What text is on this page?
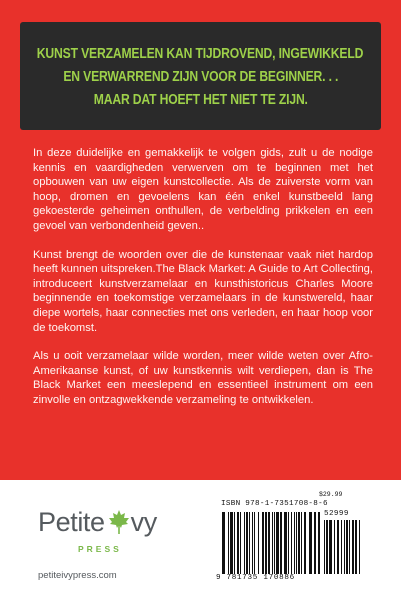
KUNST VERZAMELEN KAN TIJDROVEND, INGEWIKKELD
EN VERWARREND ZIJN VOOR DE BEGINNER. . .
MAAR DAT HOEFT HET NIET TE ZIJN.

In deze duidelijke en gemakkelijk te volgen gids, zult u de nodige kennis en vaardigheden verwerven om te beginnen met het opbouwen van uw eigen kunstcollectie. Als de zuiverste vorm van hoop, dromen en gevoelens kan één enkel kunstbeeld lang gekoesterde geheimen onthullen, de verbelding prikkelen en een gevoel van verbondenheid geven..

Kunst brengt de woorden over die de kunstenaar vaak niet hardop heeft kunnen uitspreken.The Black Market: A Guide to Art Collecting, introduceert kunstverzamelaar en kunsthistoricus Charles Moore beginnende en toekomstige verzamelaars in de kunstwereld, haar diepe wortels, haar connecties met ons verleden, en haar hoop voor de toekomst.

Als u ooit verzamelaar wilde worden, meer wilde weten over Afro-Amerikaanse kunst, of uw kunstkennis wilt verdiepen, dan is The Black Market een meeslepend en essentieel instrument om een zinvolle en ontzagwekkende verzameling te ontwikkelen.

Petite vy
PRESS
petiteivypress.com
$29.99
ISBN 978-1-7351708-8-6
52999
9 781735 170886
